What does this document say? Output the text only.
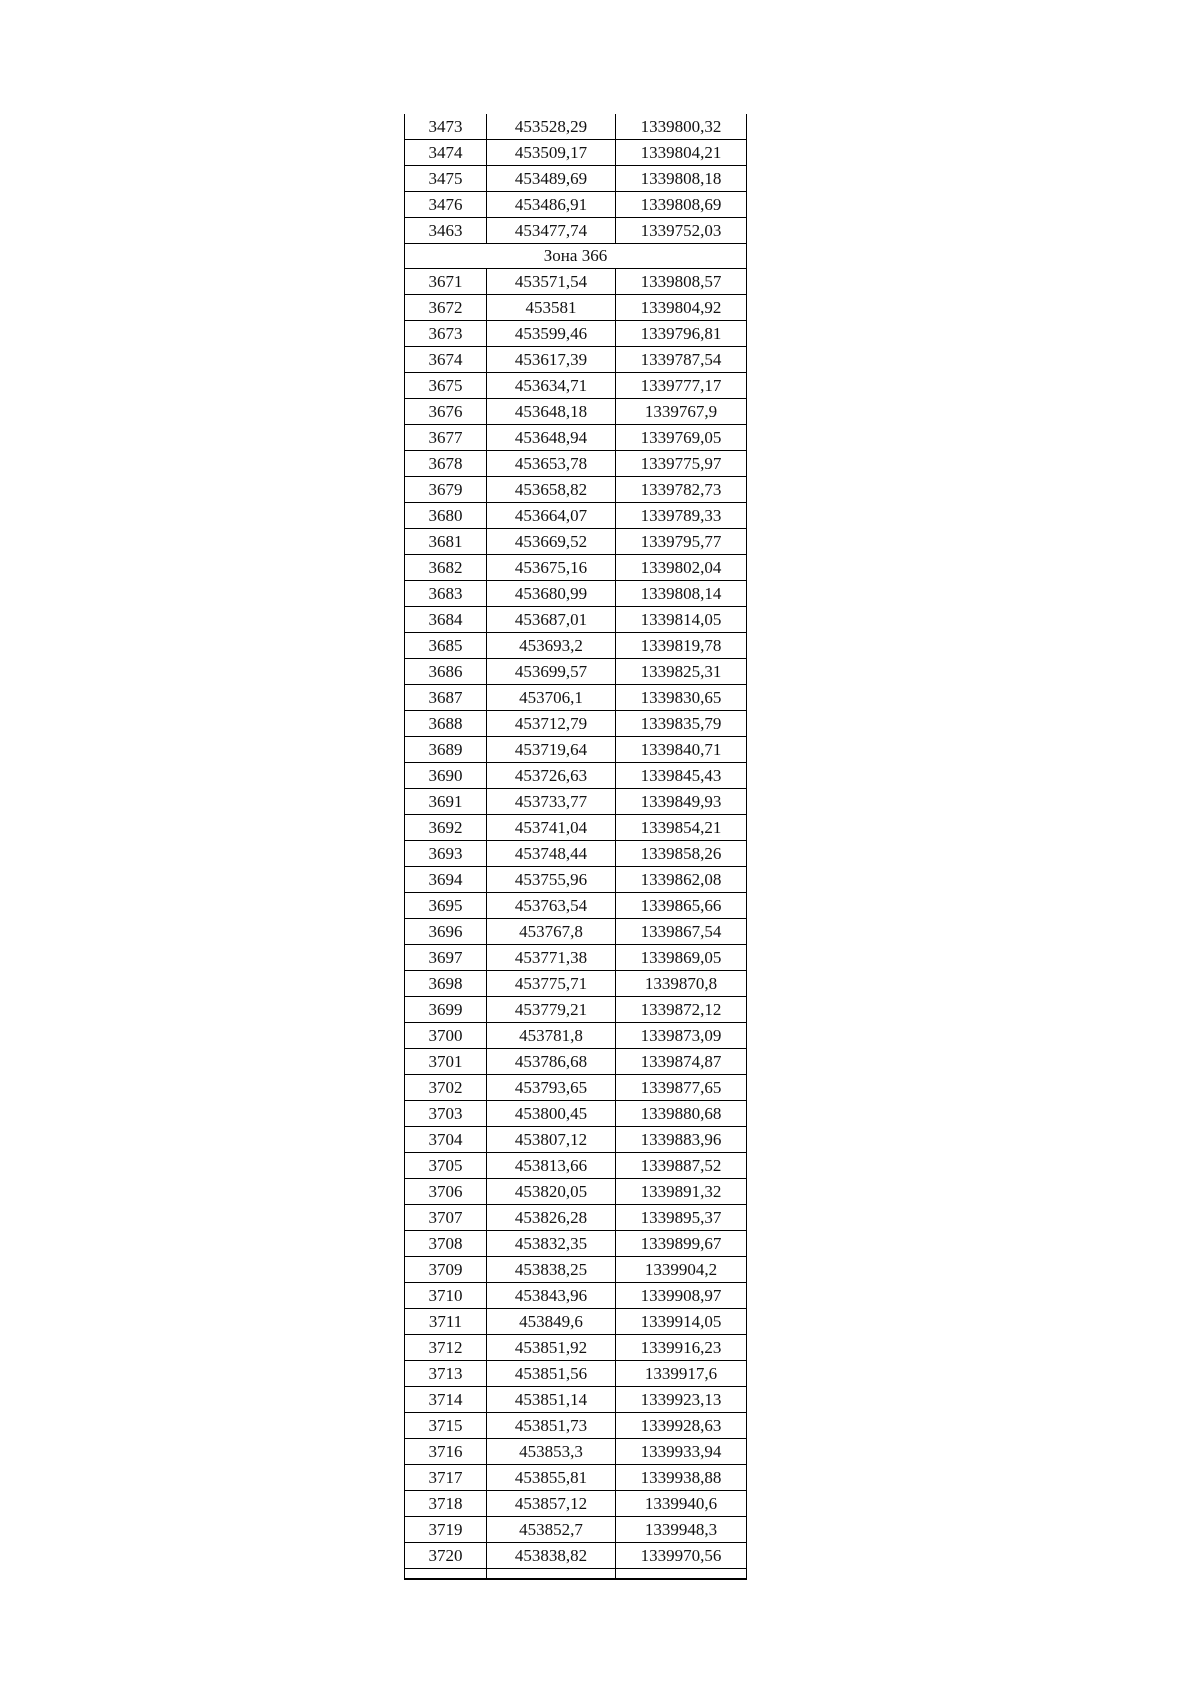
3473	453528,29	1339800,32
3474	453509,17	1339804,21
3475	453489,69	1339808,18
3476	453486,91	1339808,69
3463	453477,74	1339752,03
Зона 366		
3671	453571,54	1339808,57
3672	453581	1339804,92
3673	453599,46	1339796,81
3674	453617,39	1339787,54
3675	453634,71	1339777,17
3676	453648,18	1339767,9
3677	453648,94	1339769,05
3678	453653,78	1339775,97
3679	453658,82	1339782,73
3680	453664,07	1339789,33
3681	453669,52	1339795,77
3682	453675,16	1339802,04
3683	453680,99	1339808,14
3684	453687,01	1339814,05
3685	453693,2	1339819,78
3686	453699,57	1339825,31
3687	453706,1	1339830,65
3688	453712,79	1339835,79
3689	453719,64	1339840,71
3690	453726,63	1339845,43
3691	453733,77	1339849,93
3692	453741,04	1339854,21
3693	453748,44	1339858,26
3694	453755,96	1339862,08
3695	453763,54	1339865,66
3696	453767,8	1339867,54
3697	453771,38	1339869,05
3698	453775,71	1339870,8
3699	453779,21	1339872,12
3700	453781,8	1339873,09
3701	453786,68	1339874,87
3702	453793,65	1339877,65
3703	453800,45	1339880,68
3704	453807,12	1339883,96
3705	453813,66	1339887,52
3706	453820,05	1339891,32
3707	453826,28	1339895,37
3708	453832,35	1339899,67
3709	453838,25	1339904,2
3710	453843,96	1339908,97
3711	453849,6	1339914,05
3712	453851,92	1339916,23
3713	453851,56	1339917,6
3714	453851,14	1339923,13
3715	453851,73	1339928,63
3716	453853,3	1339933,94
3717	453855,81	1339938,88
3718	453857,12	1339940,6
3719	453852,7	1339948,3
3720	453838,82	1339970,56
